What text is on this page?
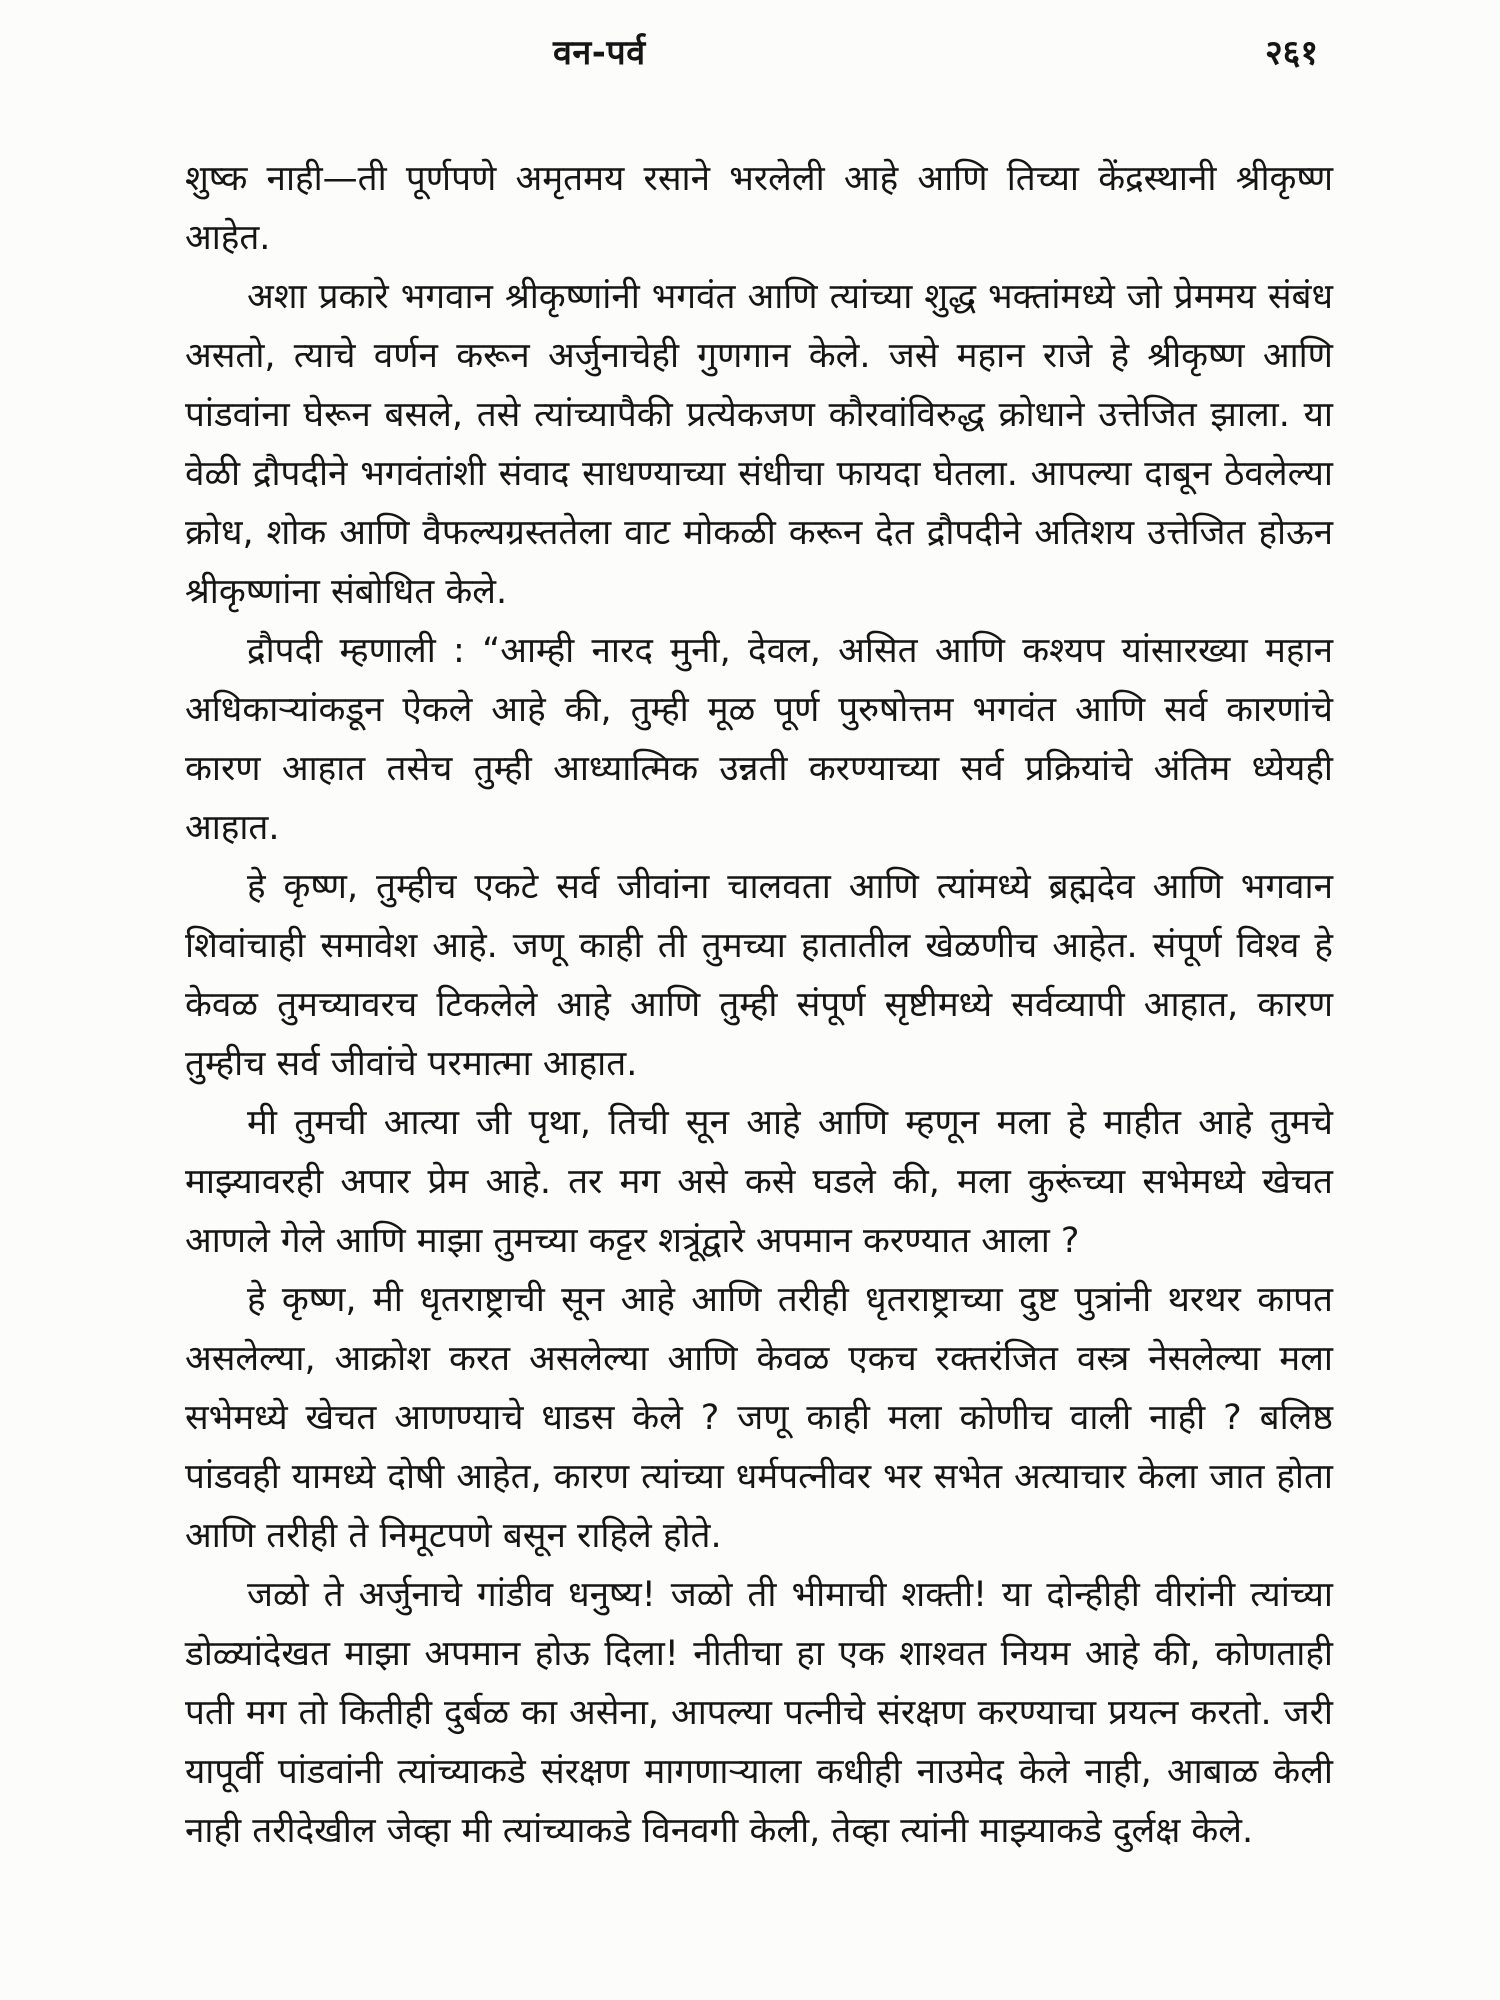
वन-पर्व	२६१

शुष्क नाही—ती पूर्णपणे अमृतमय रसाने भरलेली आहे आणि तिच्या केंद्रस्थानी श्रीकृष्ण आहेत.

अशा प्रकारे भगवान श्रीकृष्णांनी भगवंत आणि त्यांच्या शुद्ध भक्तांमध्ये जो प्रेममय संबंध असतो, त्याचे वर्णन करून अर्जुनाचेही गुणगान केले. जसे महान राजे हे श्रीकृष्ण आणि पांडवांना घेरून बसले, तसे त्यांच्यापैकी प्रत्येकजण कौरवांविरुद्ध क्रोधाने उत्तेजित झाला. या वेळी द्रौपदीने भगवंतांशी संवाद साधण्याच्या संधीचा फायदा घेतला. आपल्या दाबून ठेवलेल्या क्रोध, शोक आणि वैफल्यग्रस्ततेला वाट मोकळी करून देत द्रौपदीने अतिशय उत्तेजित होऊन श्रीकृष्णांना संबोधित केले.

द्रौपदी म्हणाली : “आम्ही नारद मुनी, देवल, असित आणि कश्यप यांसारख्या महान अधिकाऱ्यांकडून ऐकले आहे की, तुम्ही मूळ पूर्ण पुरुषोत्तम भगवंत आणि सर्व कारणांचे कारण आहात तसेच तुम्ही आध्यात्मिक उन्नती करण्याच्या सर्व प्रक्रियांचे अंतिम ध्येयही आहात.

हे कृष्ण, तुम्हीच एकटे सर्व जीवांना चालवता आणि त्यांमध्ये ब्रह्मदेव आणि भगवान शिवांचाही समावेश आहे. जणू काही ती तुमच्या हातातील खेळणीच आहेत. संपूर्ण विश्व हे केवळ तुमच्यावरच टिकलेले आहे आणि तुम्ही संपूर्ण सृष्टीमध्ये सर्वव्यापी आहात, कारण तुम्हीच सर्व जीवांचे परमात्मा आहात.

मी तुमची आत्या जी पृथा, तिची सून आहे आणि म्हणून मला हे माहीत आहे तुमचे माझ्यावरही अपार प्रेम आहे. तर मग असे कसे घडले की, मला कुरूंच्या सभेमध्ये खेचत आणले गेले आणि माझा तुमच्या कट्टर शत्रूंद्वारे अपमान करण्यात आला ?

हे कृष्ण, मी धृतराष्ट्राची सून आहे आणि तरीही धृतराष्ट्राच्या दुष्ट पुत्रांनी थरथर कापत असलेल्या, आक्रोश करत असलेल्या आणि केवळ एकच रक्तरंजित वस्त्र नेसलेल्या मला सभेमध्ये खेचत आणण्याचे धाडस केले ? जणू काही मला कोणीच वाली नाही ? बलिष्ठ पांडवही यामध्ये दोषी आहेत, कारण त्यांच्या धर्मपत्नीवर भर सभेत अत्याचार केला जात होता आणि तरीही ते निमूटपणे बसून राहिले होते.

जळो ते अर्जुनाचे गांडीव धनुष्य! जळो ती भीमाची शक्ती! या दोन्हीही वीरांनी त्यांच्या डोळ्यांदेखत माझा अपमान होऊ दिला! नीतीचा हा एक शाश्वत नियम आहे की, कोणताही पती मग तो कितीही दुर्बळ का असेना, आपल्या पत्नीचे संरक्षण करण्याचा प्रयत्न करतो. जरी यापूर्वी पांडवांनी त्यांच्याकडे संरक्षण मागणाऱ्याला कधीही नाउमेद केले नाही, आबाळ केली नाही तरीदेखील जेव्हा मी त्यांच्याकडे विनवगी केली, तेव्हा त्यांनी माझ्याकडे दुर्लक्ष केले.
